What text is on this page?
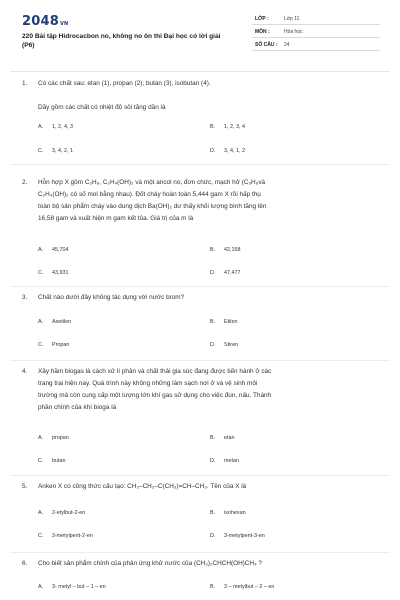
2048VN
220 Bài tập Hidrocacbon no, không no ôn thi Đại học có lời giải (P6)
LỚP :	Lớp 11
MÔN :	Hóa học
SỐ CÂU : 24
1. Có các chất sau: etan (1), propan (2), butan (3), isobutan (4).
Dãy gồm các chất có nhiệt độ sôi tăng dần là
A. 1, 2, 4, 3	B. 1, 2, 3, 4
C. 3, 4, 2, 1	D. 3, 4, 1, 2
2. Hỗn hợp X gồm C₃H₈, C₂H₄(OH)₂ và một ancol no, đơn chức, mạch hở (C₃H₈và
C₂H₄(OH)₂ có số mol bằng nhau). Đốt cháy hoàn toàn 5,444 gam X rồi hấp thụ
toàn bộ sản phẩm cháy vào dung dịch Ba(OH)₂ dư thấy khối lượng bình tăng lên
16,58 gam và xuất hiện m gam kết tủa. Giá trị của m là
A. 45,704	B. 42,158
C. 43,931	D. 47,477
3. Chất nào dưới đây không tác dụng với nước brom?
A. Axetilen	B. Etilen
C. Propan	D. Stiren
4. Xây hầm biogas là cách xử lí phân và chất thải gia súc đang được tiến hành ở các
trang trại hiện nay. Quá trình này không những làm sạch nơi ở và vệ sinh môi
trường mà còn cung cấp một lượng lớn khí gas sử dụng cho việc đun, nấu. Thành
phần chính của khí bioga là
A. propan	B. etan
C. butan	D. metan
5. Anken X có công thức cấu tạo: CH₃–CH₂–C(CH₃)=CH–CH₃. Tên của X là
A. 2-etylbut-2-en	B. isohexan
C. 3-metylpent-2-en	D. 3-metylpent-3-en
6. Cho biết sản phẩm chính của phản ứng khử nước của (CH₃)₂CHCH(OH)CH₃ ?
A. 3- metyl – but – 1 – en	B. 3 – metylbut – 2 – en
